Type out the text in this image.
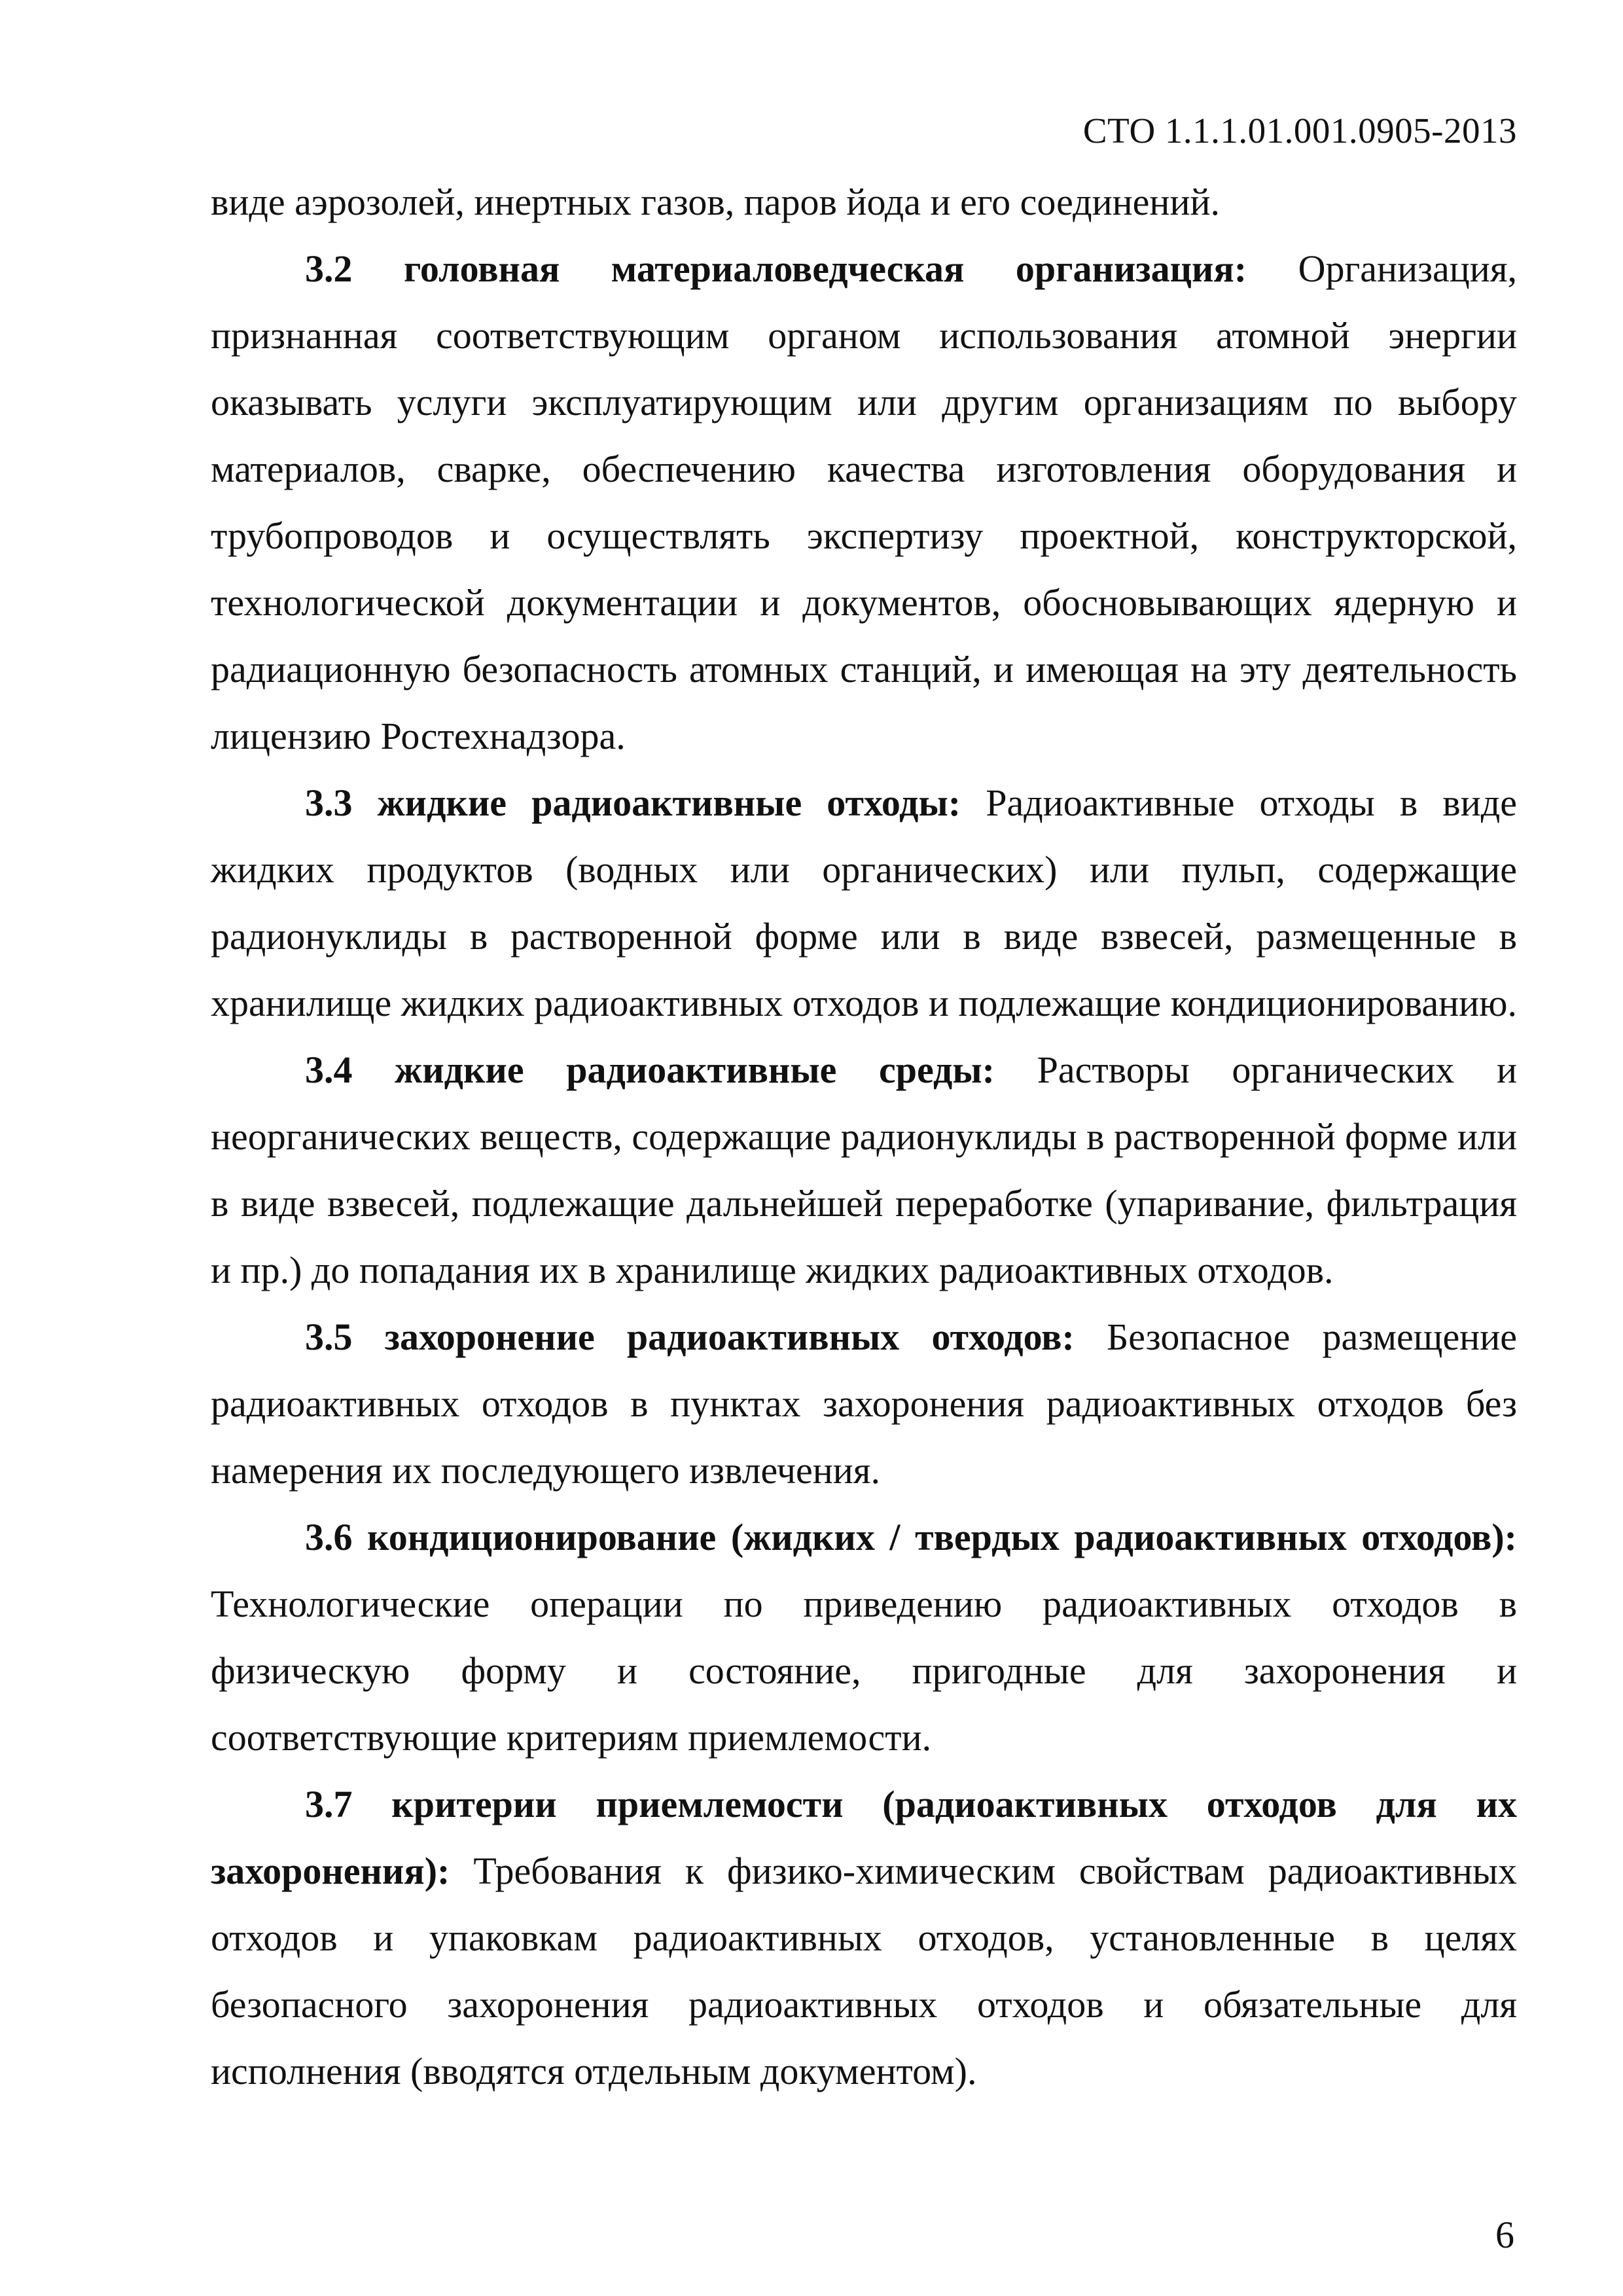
СТО 1.1.1.01.001.0905-2013

виде аэрозолей, инертных газов, паров йода и его соединений.

3.2 головная материаловедческая организация: Организация, признанная соответствующим органом использования атомной энергии оказывать услуги эксплуатирующим или другим организациям по выбору материалов, сварке, обеспечению качества изготовления оборудования и трубопроводов и осуществлять экспертизу проектной, конструкторской, технологической документации и документов, обосновывающих ядерную и радиационную безопасность атомных станций, и имеющая на эту деятельность лицензию Ростехнадзора.

3.3 жидкие радиоактивные отходы: Радиоактивные отходы в виде жидких продуктов (водных или органических) или пульп, содержащие радионуклиды в растворенной форме или в виде взвесей, размещенные в хранилище жидких радиоактивных отходов и подлежащие кондиционированию.

3.4 жидкие радиоактивные среды: Растворы органических и неорганических веществ, содержащие радионуклиды в растворенной форме или в виде взвесей, подлежащие дальнейшей переработке (упаривание, фильтрация и пр.) до попадания их в хранилище жидких радиоактивных отходов.

3.5 захоронение радиоактивных отходов: Безопасное размещение радиоактивных отходов в пунктах захоронения радиоактивных отходов без намерения их последующего извлечения.

3.6 кондиционирование (жидких / твердых радиоактивных отходов): Технологические операции по приведению радиоактивных отходов в физическую форму и состояние, пригодные для захоронения и соответствующие критериям приемлемости.

3.7 критерии приемлемости (радиоактивных отходов для их захоронения): Требования к физико-химическим свойствам радиоактивных отходов и упаковкам радиоактивных отходов, установленные в целях безопасного захоронения радиоактивных отходов и обязательные для исполнения (вводятся отдельным документом).

6
